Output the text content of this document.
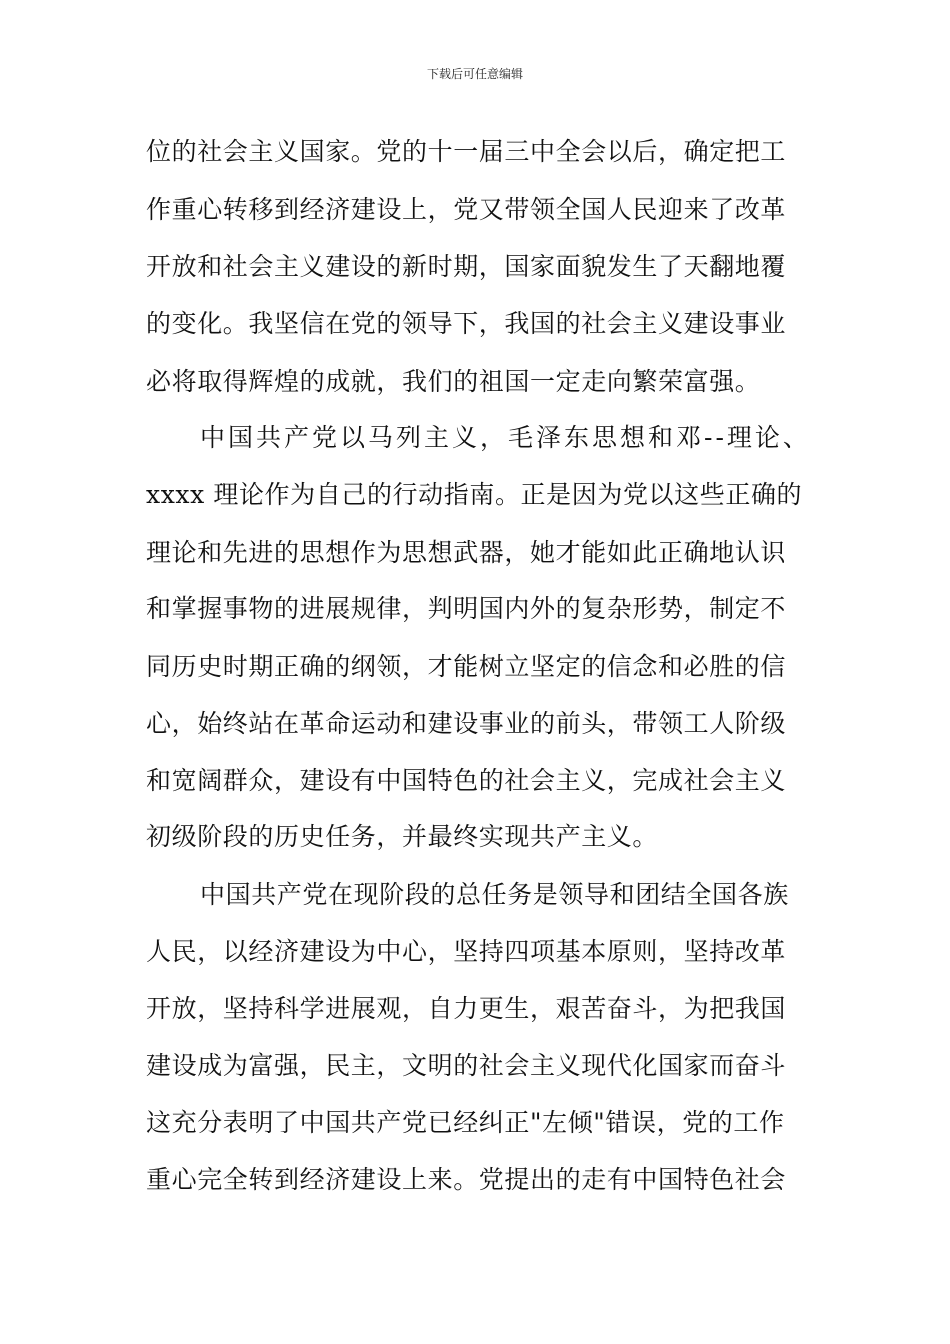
下载后可任意编辑
位的社会主义国家。党的十一届三中全会以后，确定把工
作重心转移到经济建设上，党又带领全国人民迎来了改革
开放和社会主义建设的新时期，国家面貌发生了天翻地覆
的变化。我坚信在党的领导下，我国的社会主义建设事业
必将取得辉煌的成就，我们的祖国一定走向繁荣富强。
中国共产党以马列主义，毛泽东思想和邓--理论、
xxxx 理论作为自己的行动指南。正是因为党以这些正确的
理论和先进的思想作为思想武器，她才能如此正确地认识
和掌握事物的进展规律，判明国内外的复杂形势，制定不
同历史时期正确的纲领，才能树立坚定的信念和必胜的信
心，始终站在革命运动和建设事业的前头，带领工人阶级
和宽阔群众，建设有中国特色的社会主义，完成社会主义
初级阶段的历史任务，并最终实现共产主义。
中国共产党在现阶段的总任务是领导和团结全国各族
人民，以经济建设为中心，坚持四项基本原则，坚持改革
开放，坚持科学进展观，自力更生，艰苦奋斗，为把我国
建设成为富强，民主，文明的社会主义现代化国家而奋斗
这充分表明了中国共产党已经纠正"左倾"错误，党的工作
重心完全转到经济建设上来。党提出的走有中国特色社会
